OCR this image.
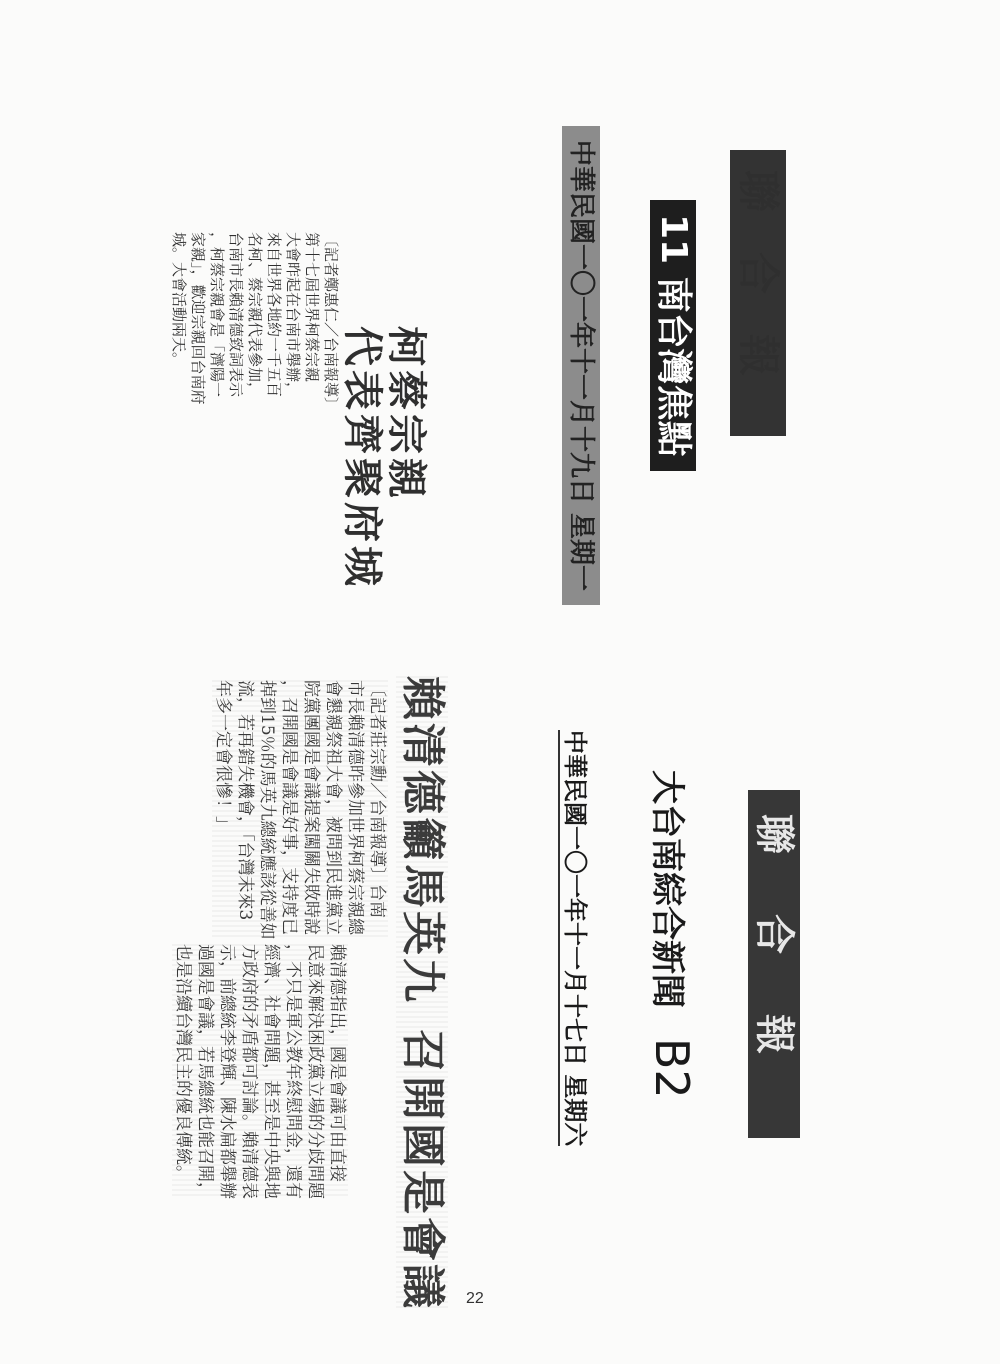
聯合報
11 南台灣焦點
中華民國一〇一年十一月十九日 星期一
柯蔡宗親
代表齊聚府城
〔記者鄭惠仁／台南報導〕
第十七屆世界柯蔡宗親
大會昨起在台南市舉辦，
來自世界各地約一千五百
名柯、蔡宗親代表參加，
台南市長賴清德致詞表示
，柯蔡宗親會是「濟陽一
家親」，歡迎宗親回台南府
城。大會活動兩天。
聯合報
大台南綜合新聞 B2
中華民國一〇一年十一月十七日 星期六
賴清德籲馬英九召開國是會議
〔記者莊宗勳／台南報導〕台南
市長賴清德昨參加世界柯蔡宗親總
會懇親祭祖大會，被問到民進黨立
院黨團國是會議提案闖關失敗時說
，召開國是會議是好事，支持度已
掉到15％的馬英九總統應該從善如
流，若再錯失機會，「台灣未來3
年多一定會很慘！」
賴清德指出，國是會議可由直接
民意來解決困政黨立場的分歧問題
，不只是軍公教年終慰問金，還有
經濟、社會問題，甚至是中央與地
方政府的矛盾都可討論。賴清德表
示，前總統李登輝、陳水扁都舉辦
過國是會議，若馬總統也能召開，
也是沿續台灣民主的優良傳統。
22
